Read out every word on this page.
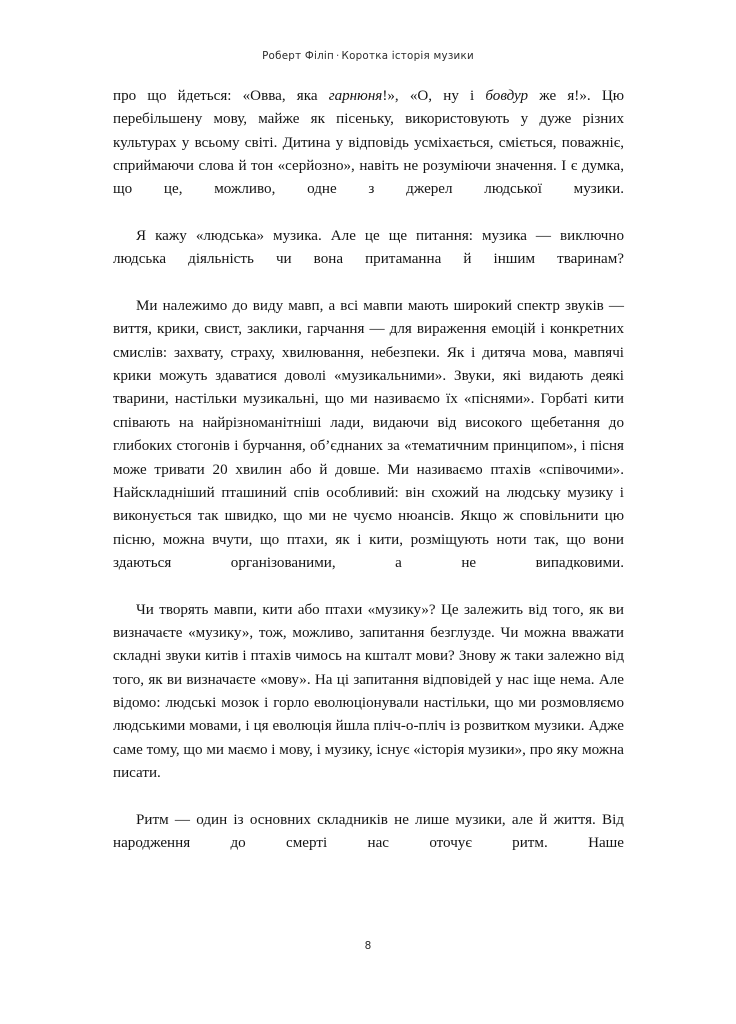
Роберт Філіп · Коротка історія музики

про що йдеться: «Овва, яка гарнюня!», «О, ну і бовдур же я!». Цю перебільшену мову, майже як пісеньку, використовують у дуже різних культурах у всьому світі. Дитина у відповідь усміхається, сміється, поважніє, сприймаючи слова й тон «серйозно», навіть не розуміючи значення. І є думка, що це, можливо, одне з джерел людської музики.

Я кажу «людська» музика. Але це ще питання: музика — виключно людська діяльність чи вона притаманна й іншим тваринам?

Ми належимо до виду мавп, а всі мавпи мають широкий спектр звуків — виття, крики, свист, заклики, гарчання — для вираження емоцій і конкретних смислів: захвату, страху, хвилювання, небезпеки. Як і дитяча мова, мавпячі крики можуть здаватися доволі «музикальними». Звуки, які видають деякі тварини, настільки музикальні, що ми називаємо їх «піснями». Горбаті кити співають на найрізноманітніші лади, видаючи від високого щебетання до глибоких стогонів і бурчання, об’єднаних за «тематичним принципом», і пісня може тривати 20 хвилин або й довше. Ми називаємо птахів «співочими». Найскладніший пташиний спів особливий: він схожий на людську музику і виконується так швидко, що ми не чуємо нюансів. Якщо ж сповільнити цю пісню, можна вчути, що птахи, як і кити, розміщують ноти так, що вони здаються організованими, а не випадковими.

Чи творять мавпи, кити або птахи «музику»? Це залежить від того, як ви визначаєте «музику», тож, можливо, запитання безглузде. Чи можна вважати складні звуки китів і птахів чимось на кшталт мови? Знову ж таки залежно від того, як ви визначаєте «мову». На ці запитання відповідей у нас іще нема. Але відомо: людські мозок і горло еволюціонували настільки, що ми розмовляємо людськими мовами, і ця еволюція йшла пліч-о-пліч із розвитком музики. Адже саме тому, що ми маємо і мову, і музику, існує «історія музики», про яку можна писати.

Ритм — один із основних складників не лише музики, але й життя. Від народження до смерті нас оточує ритм. Наше

8
